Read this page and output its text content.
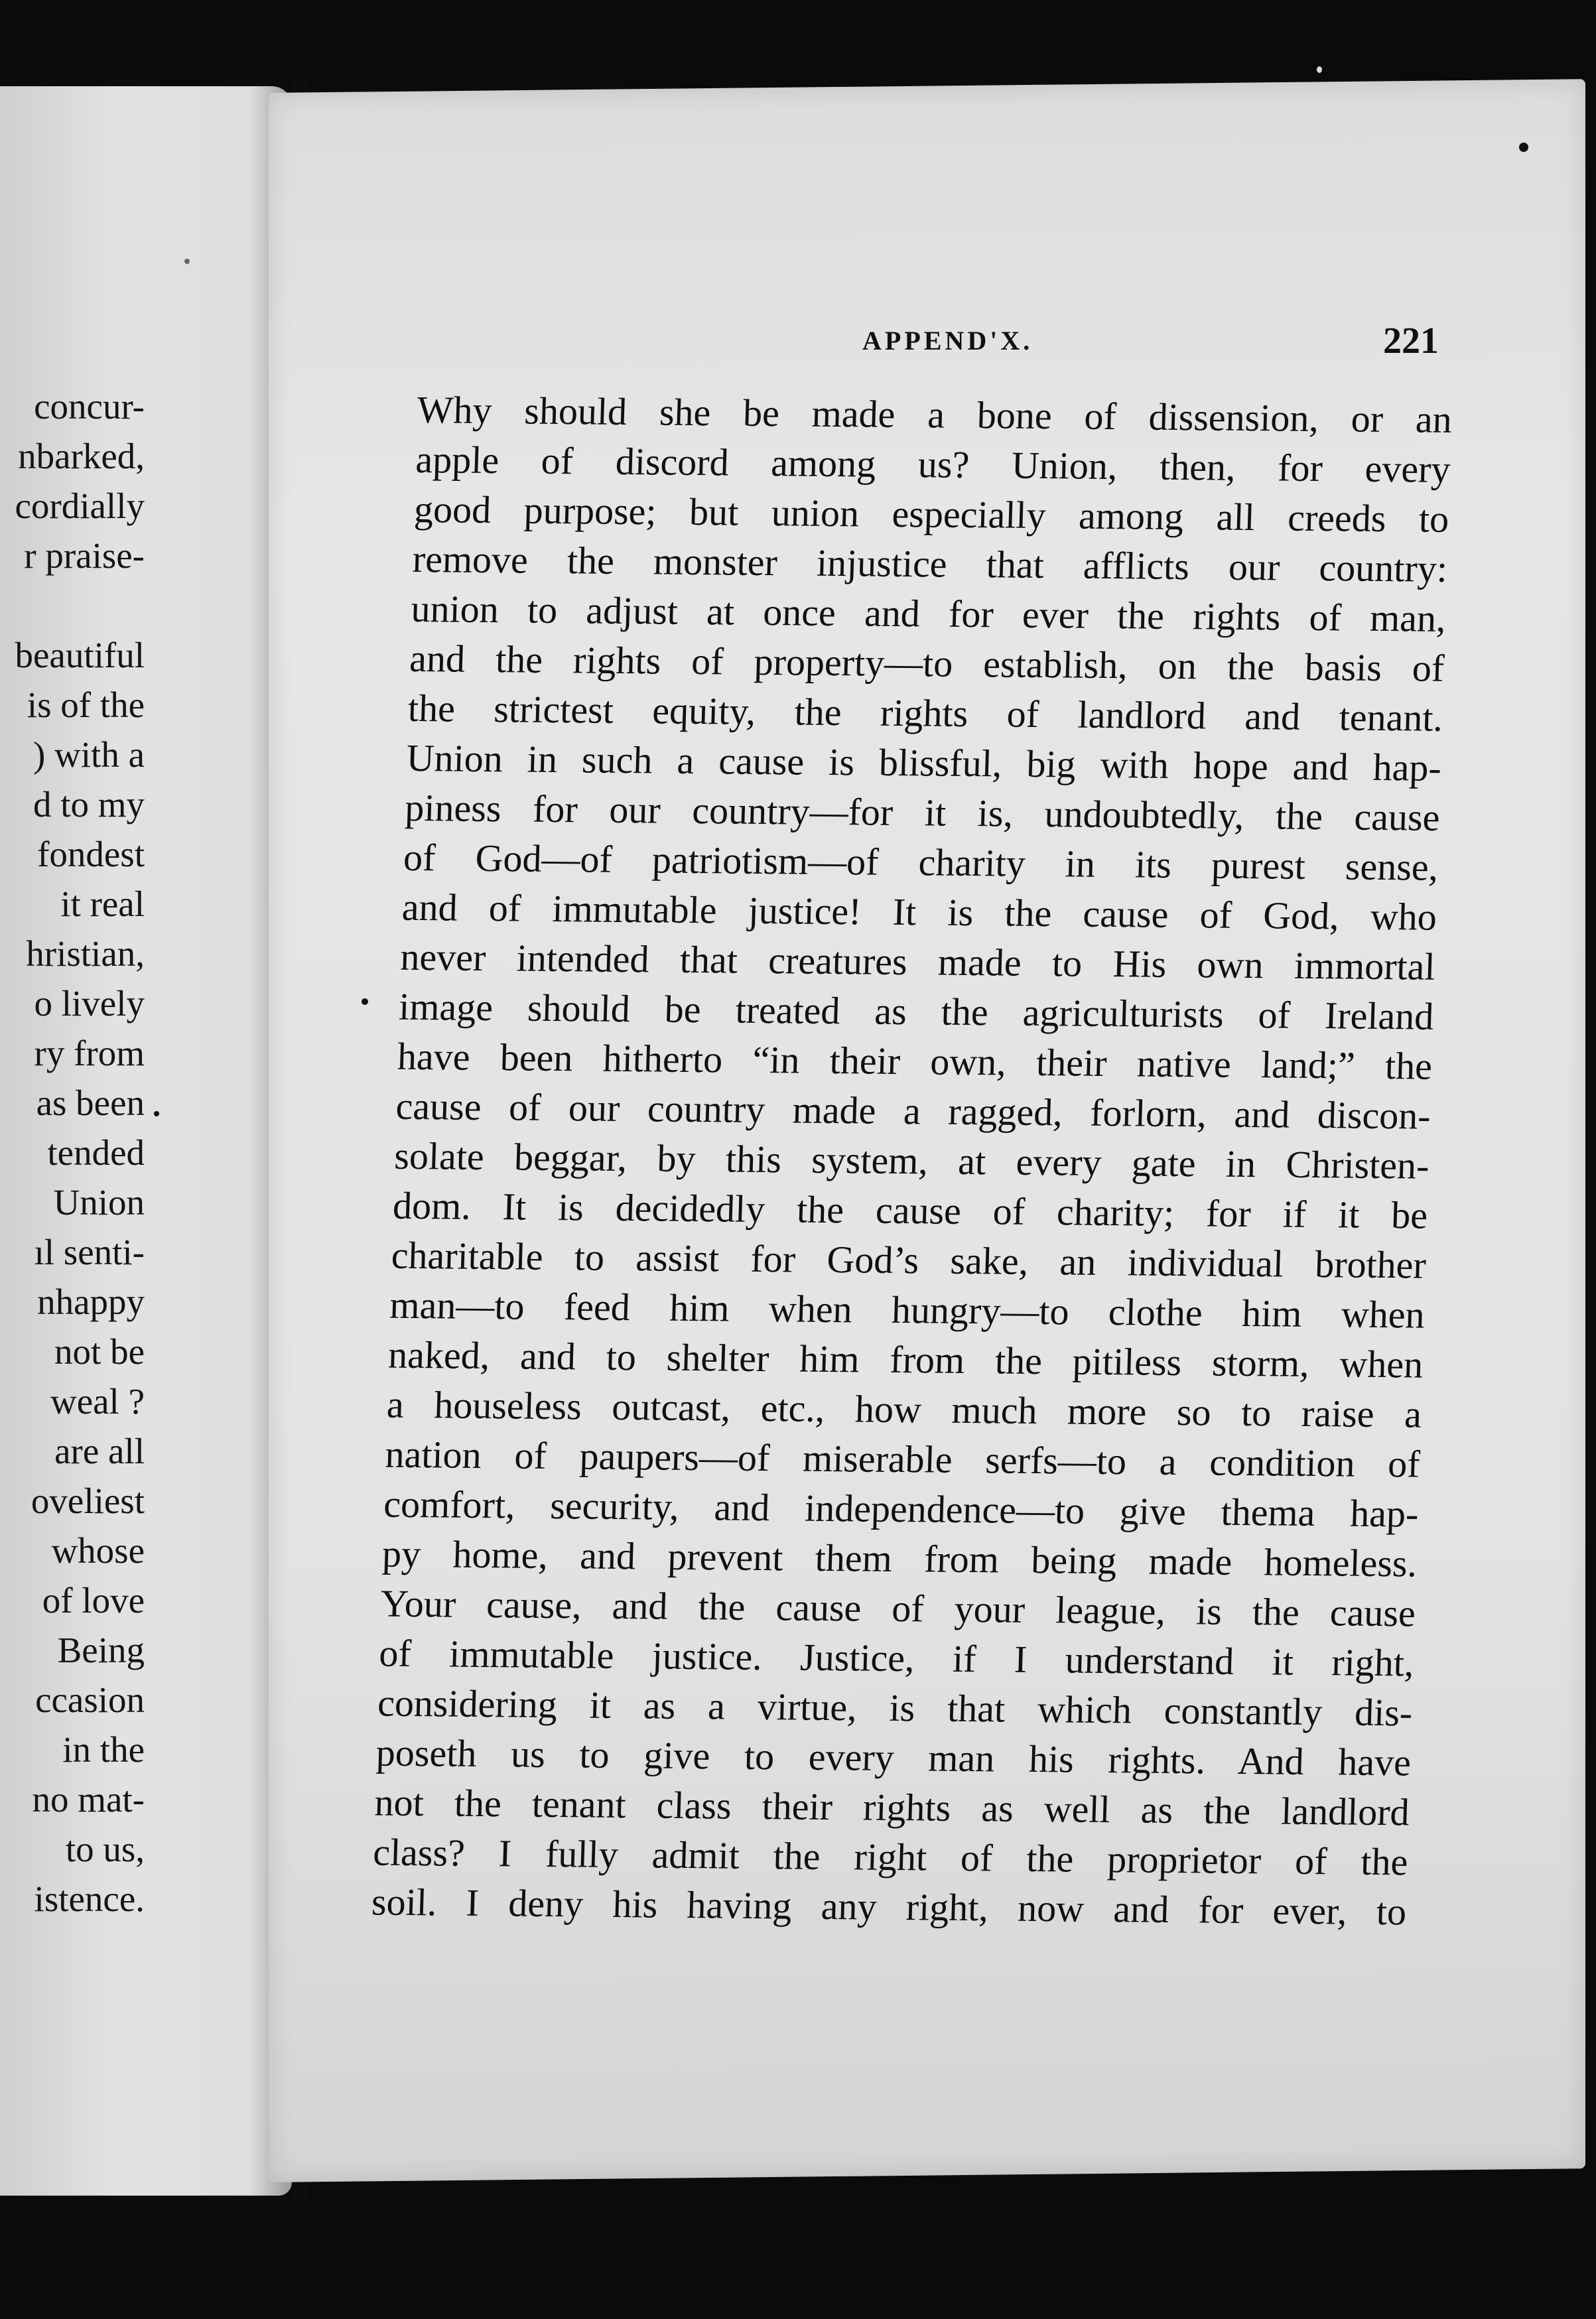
concur-
nbarked,
cordially
r praise-
beautiful
is of the
) with a
d to my
fondest
it real
hristian,
o lively
ry from
as been
tended
Union
ıl senti-
nhappy
not be
weal ?
are all
oveliest
whose
of love
Being
ccasion
in the
no mat-
to us,
istence.
APPEND'X.	221
Why should she be made a bone of dissension, or an
apple of discord among us? Union, then, for every
good purpose; but union especially among all creeds to
remove the monster injustice that afflicts our country:
union to adjust at once and for ever the rights of man,
and the rights of property—to establish, on the basis of
the strictest equity, the rights of landlord and tenant.
Union in such a cause is blissful, big with hope and hap-
piness for our country—for it is, undoubtedly, the cause
of God—of patriotism—of charity in its purest sense,
and of immutable justice! It is the cause of God, who
never intended that creatures made to His own immortal
image should be treated as the agriculturists of Ireland
have been hitherto “in their own, their native land;” the
cause of our country made a ragged, forlorn, and discon-
solate beggar, by this system, at every gate in Christen-
dom. It is decidedly the cause of charity; for if it be
charitable to assist for God’s sake, an individual brother
man—to feed him when hungry—to clothe him when
naked, and to shelter him from the pitiless storm, when
a houseless outcast, etc., how much more so to raise a
nation of paupers—of miserable serfs—to a condition of
comfort, security, and independence—to give thema hap-
py home, and prevent them from being made homeless.
Your cause, and the cause of your league, is the cause
of immutable justice. Justice, if I understand it right,
considering it as a virtue, is that which constantly dis-
poseth us to give to every man his rights. And have
not the tenant class their rights as well as the landlord
class? I fully admit the right of the proprietor of the
soil. I deny his having any right, now and for ever, to
